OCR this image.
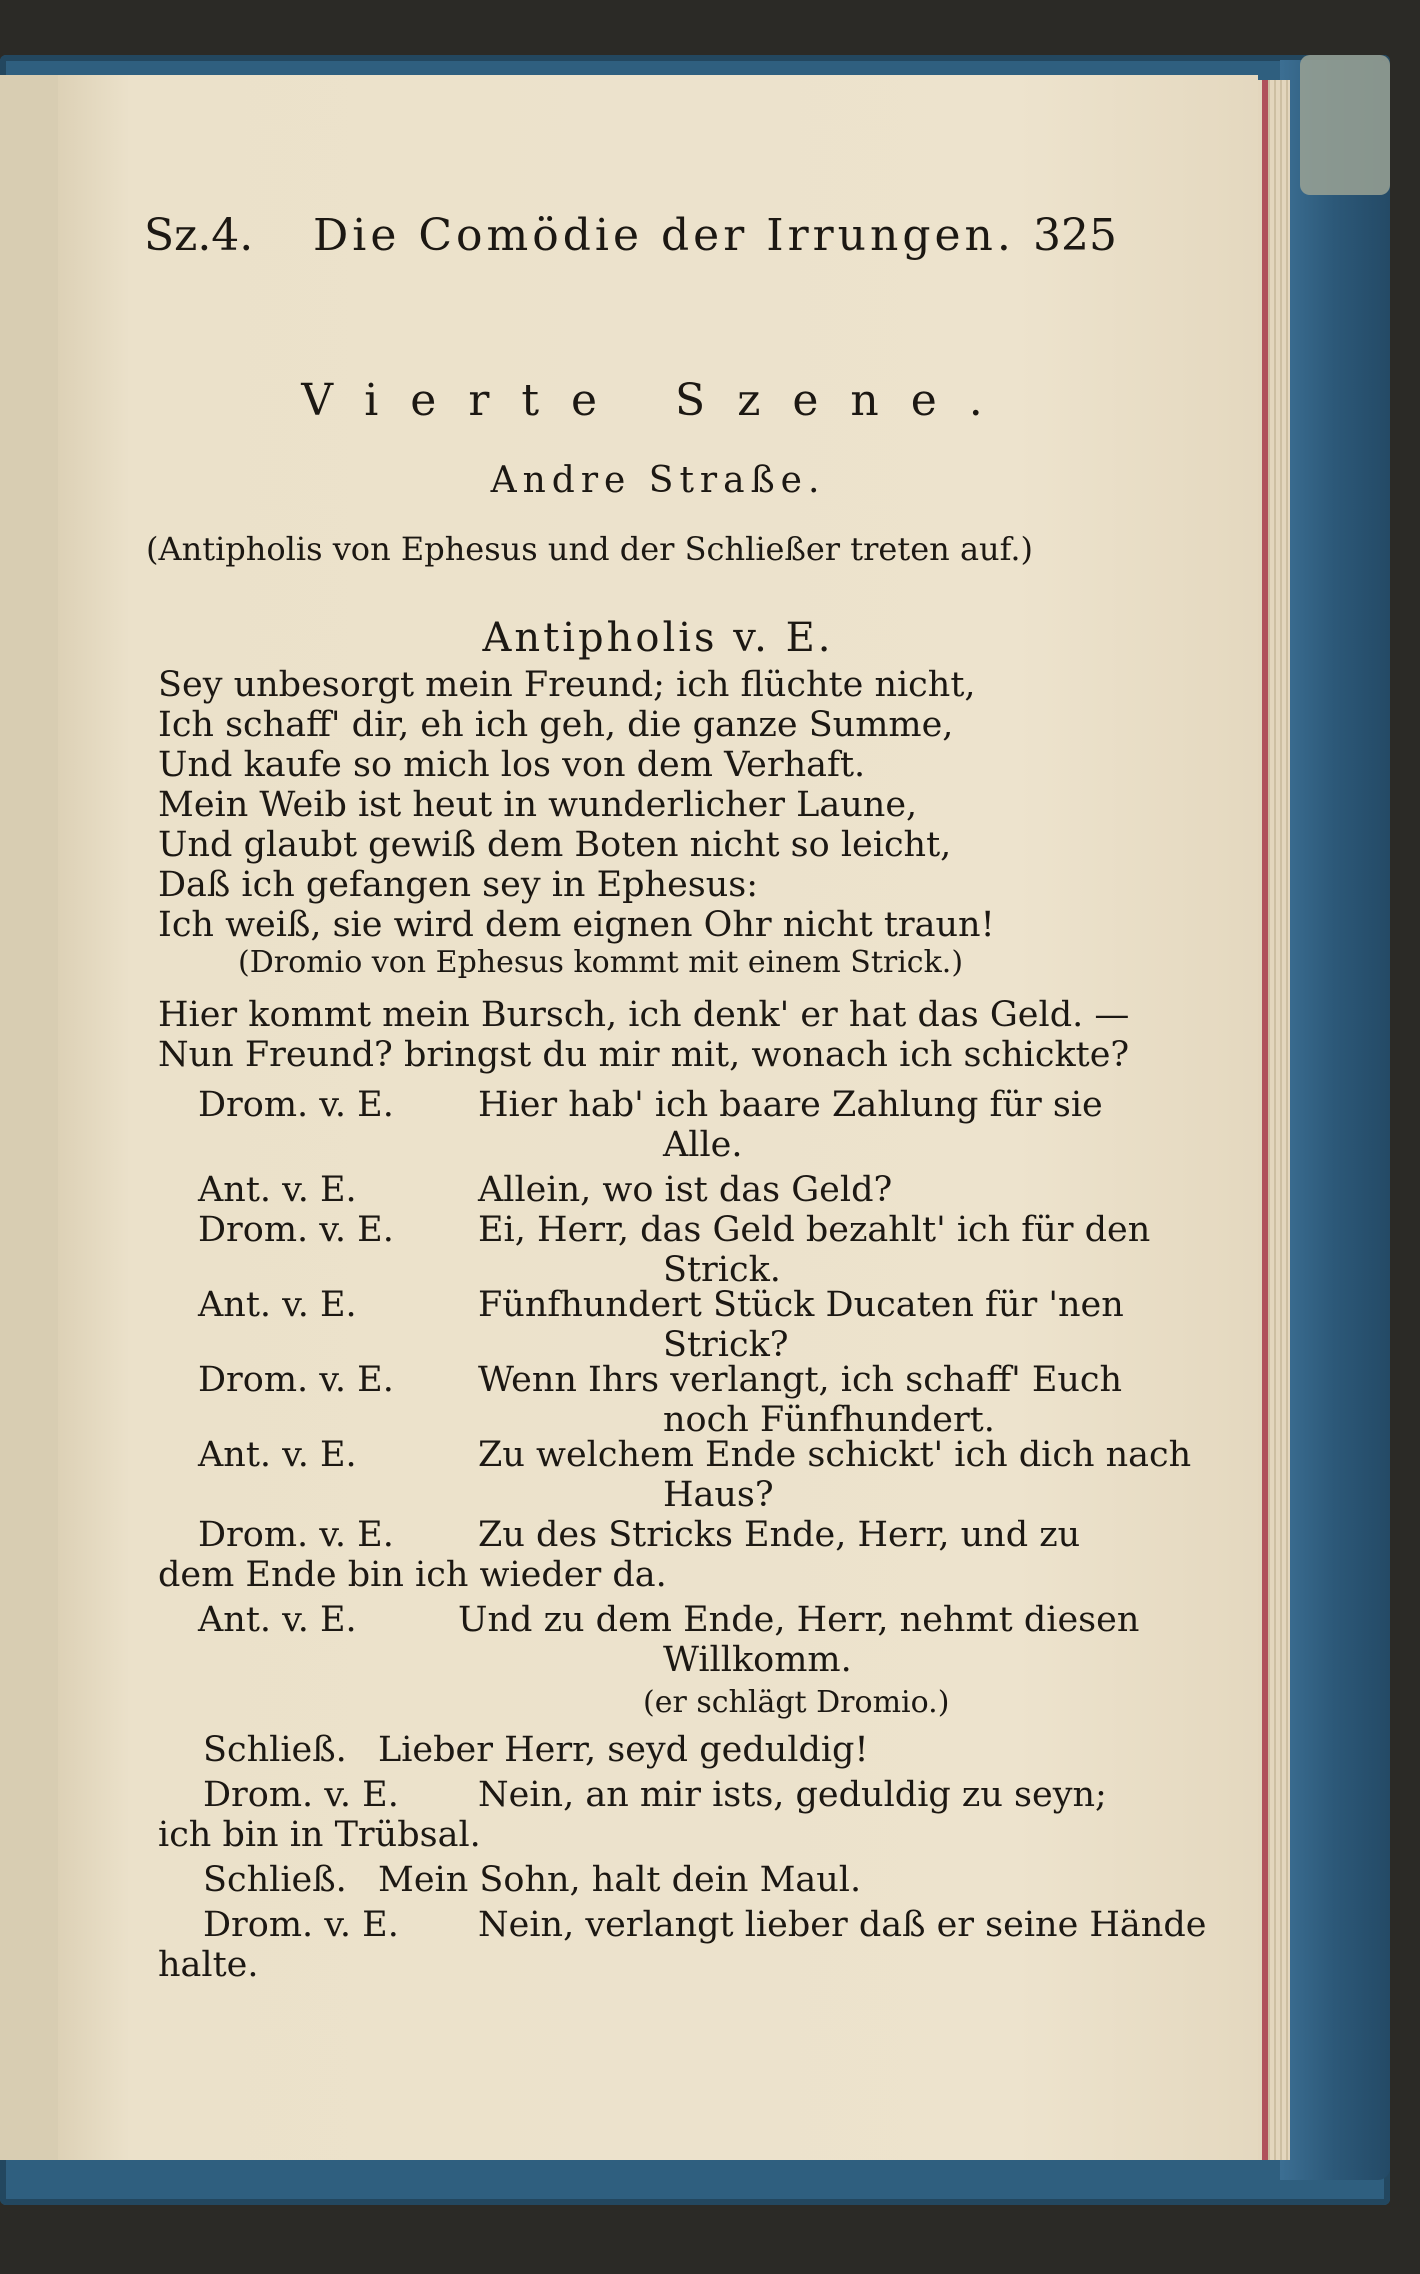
Sz.4. Die Comödie der Irrungen. 325
Vierte Szene.
Andre Straße.
(Antipholis von Ephesus und der Schließer treten auf.)
Antipholis v. E.
Sey unbesorgt mein Freund; ich flüchte nicht,
Ich schaff' dir, eh ich geh, die ganze Summe,
Und kaufe so mich los von dem Verhaft.
Mein Weib ist heut in wunderlicher Laune,
Und glaubt gewiß dem Boten nicht so leicht,
Daß ich gefangen sey in Ephesus:
Ich weiß, sie wird dem eignen Ohr nicht traun!
(Dromio von Ephesus kommt mit einem Strick.)
Hier kommt mein Bursch, ich denk' er hat das Geld. —
Nun Freund? bringst du mir mit, wonach ich schickte?
Drom. v. E. Hier hab' ich baare Zahlung für sie
Alle.
Ant. v. E.	Allein, wo ist das Geld?
Drom. v. E. Ei, Herr, das Geld bezahlt' ich für den
Strick.
Ant. v. E.	Fünfhundert Stück Ducaten für 'nen
Strick?
Drom. v. E. Wenn Ihrs verlangt, ich schaff' Euch
noch Fünfhundert.
Ant. v. E.	Zu welchem Ende schickt' ich dich nach
Haus?
Drom. v. E. Zu des Stricks Ende, Herr, und zu
dem Ende bin ich wieder da.
Ant. v. E.	Und zu dem Ende, Herr, nehmt diesen
Willkomm.
(er schlägt Dromio.)
Schließ. Lieber Herr, seyd geduldig!
Drom. v. E. Nein, an mir ists, geduldig zu seyn;
ich bin in Trübsal.
Schließ. Mein Sohn, halt dein Maul.
Drom. v. E. Nein, verlangt lieber daß er seine Hände
halte.
